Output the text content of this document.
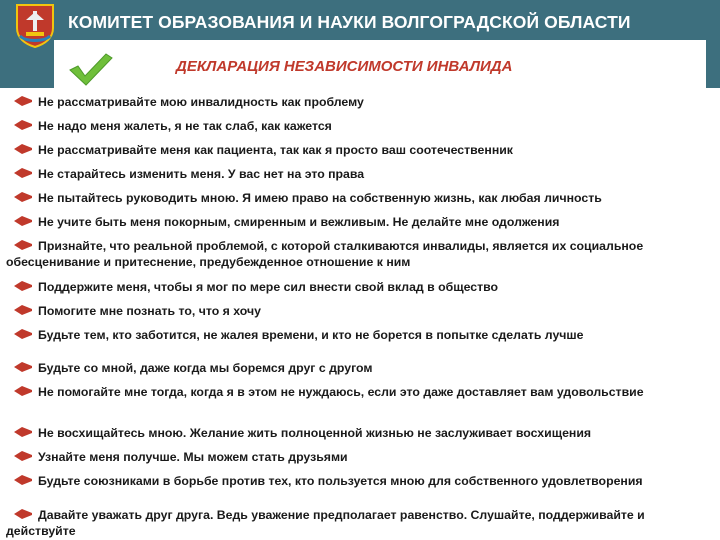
КОМИТЕТ ОБРАЗОВАНИЯ И НАУКИ ВОЛГОГРАДСКОЙ ОБЛАСТИ
ДЕКЛАРАЦИЯ НЕЗАВИСИМОСТИ ИНВАЛИДА
Не рассматривайте мою инвалидность как проблему
Не надо меня жалеть, я не так слаб, как кажется
Не рассматривайте меня как пациента, так как я просто ваш соотечественник
Не старайтесь изменить меня. У вас нет на это права
Не пытайтесь руководить мною. Я имею право на собственную жизнь, как любая личность
Не учите быть меня покорным, смиренным и вежливым. Не делайте мне одолжения
Признайте, что реальной проблемой, с которой сталкиваются инвалиды, является их социальное обесценивание и притеснение, предубежденное отношение к ним
Поддержите меня, чтобы я мог по мере сил внести свой вклад в общество
Помогите мне познать то, что я хочу
Будьте тем, кто заботится, не жалея времени, и кто не борется в попытке сделать лучше
Будьте со мной, даже когда мы боремся друг с другом
Не помогайте мне тогда, когда я в этом не нуждаюсь, если это даже доставляет вам удовольствие
Не восхищайтесь мною. Желание жить полноценной жизнью не заслуживает восхищения
Узнайте меня получше. Мы можем стать друзьями
Будьте союзниками в борьбе против тех, кто пользуется мною для собственного удовлетворения
Давайте уважать друг друга. Ведь уважение предполагает равенство. Слушайте, поддерживайте и действуйте
